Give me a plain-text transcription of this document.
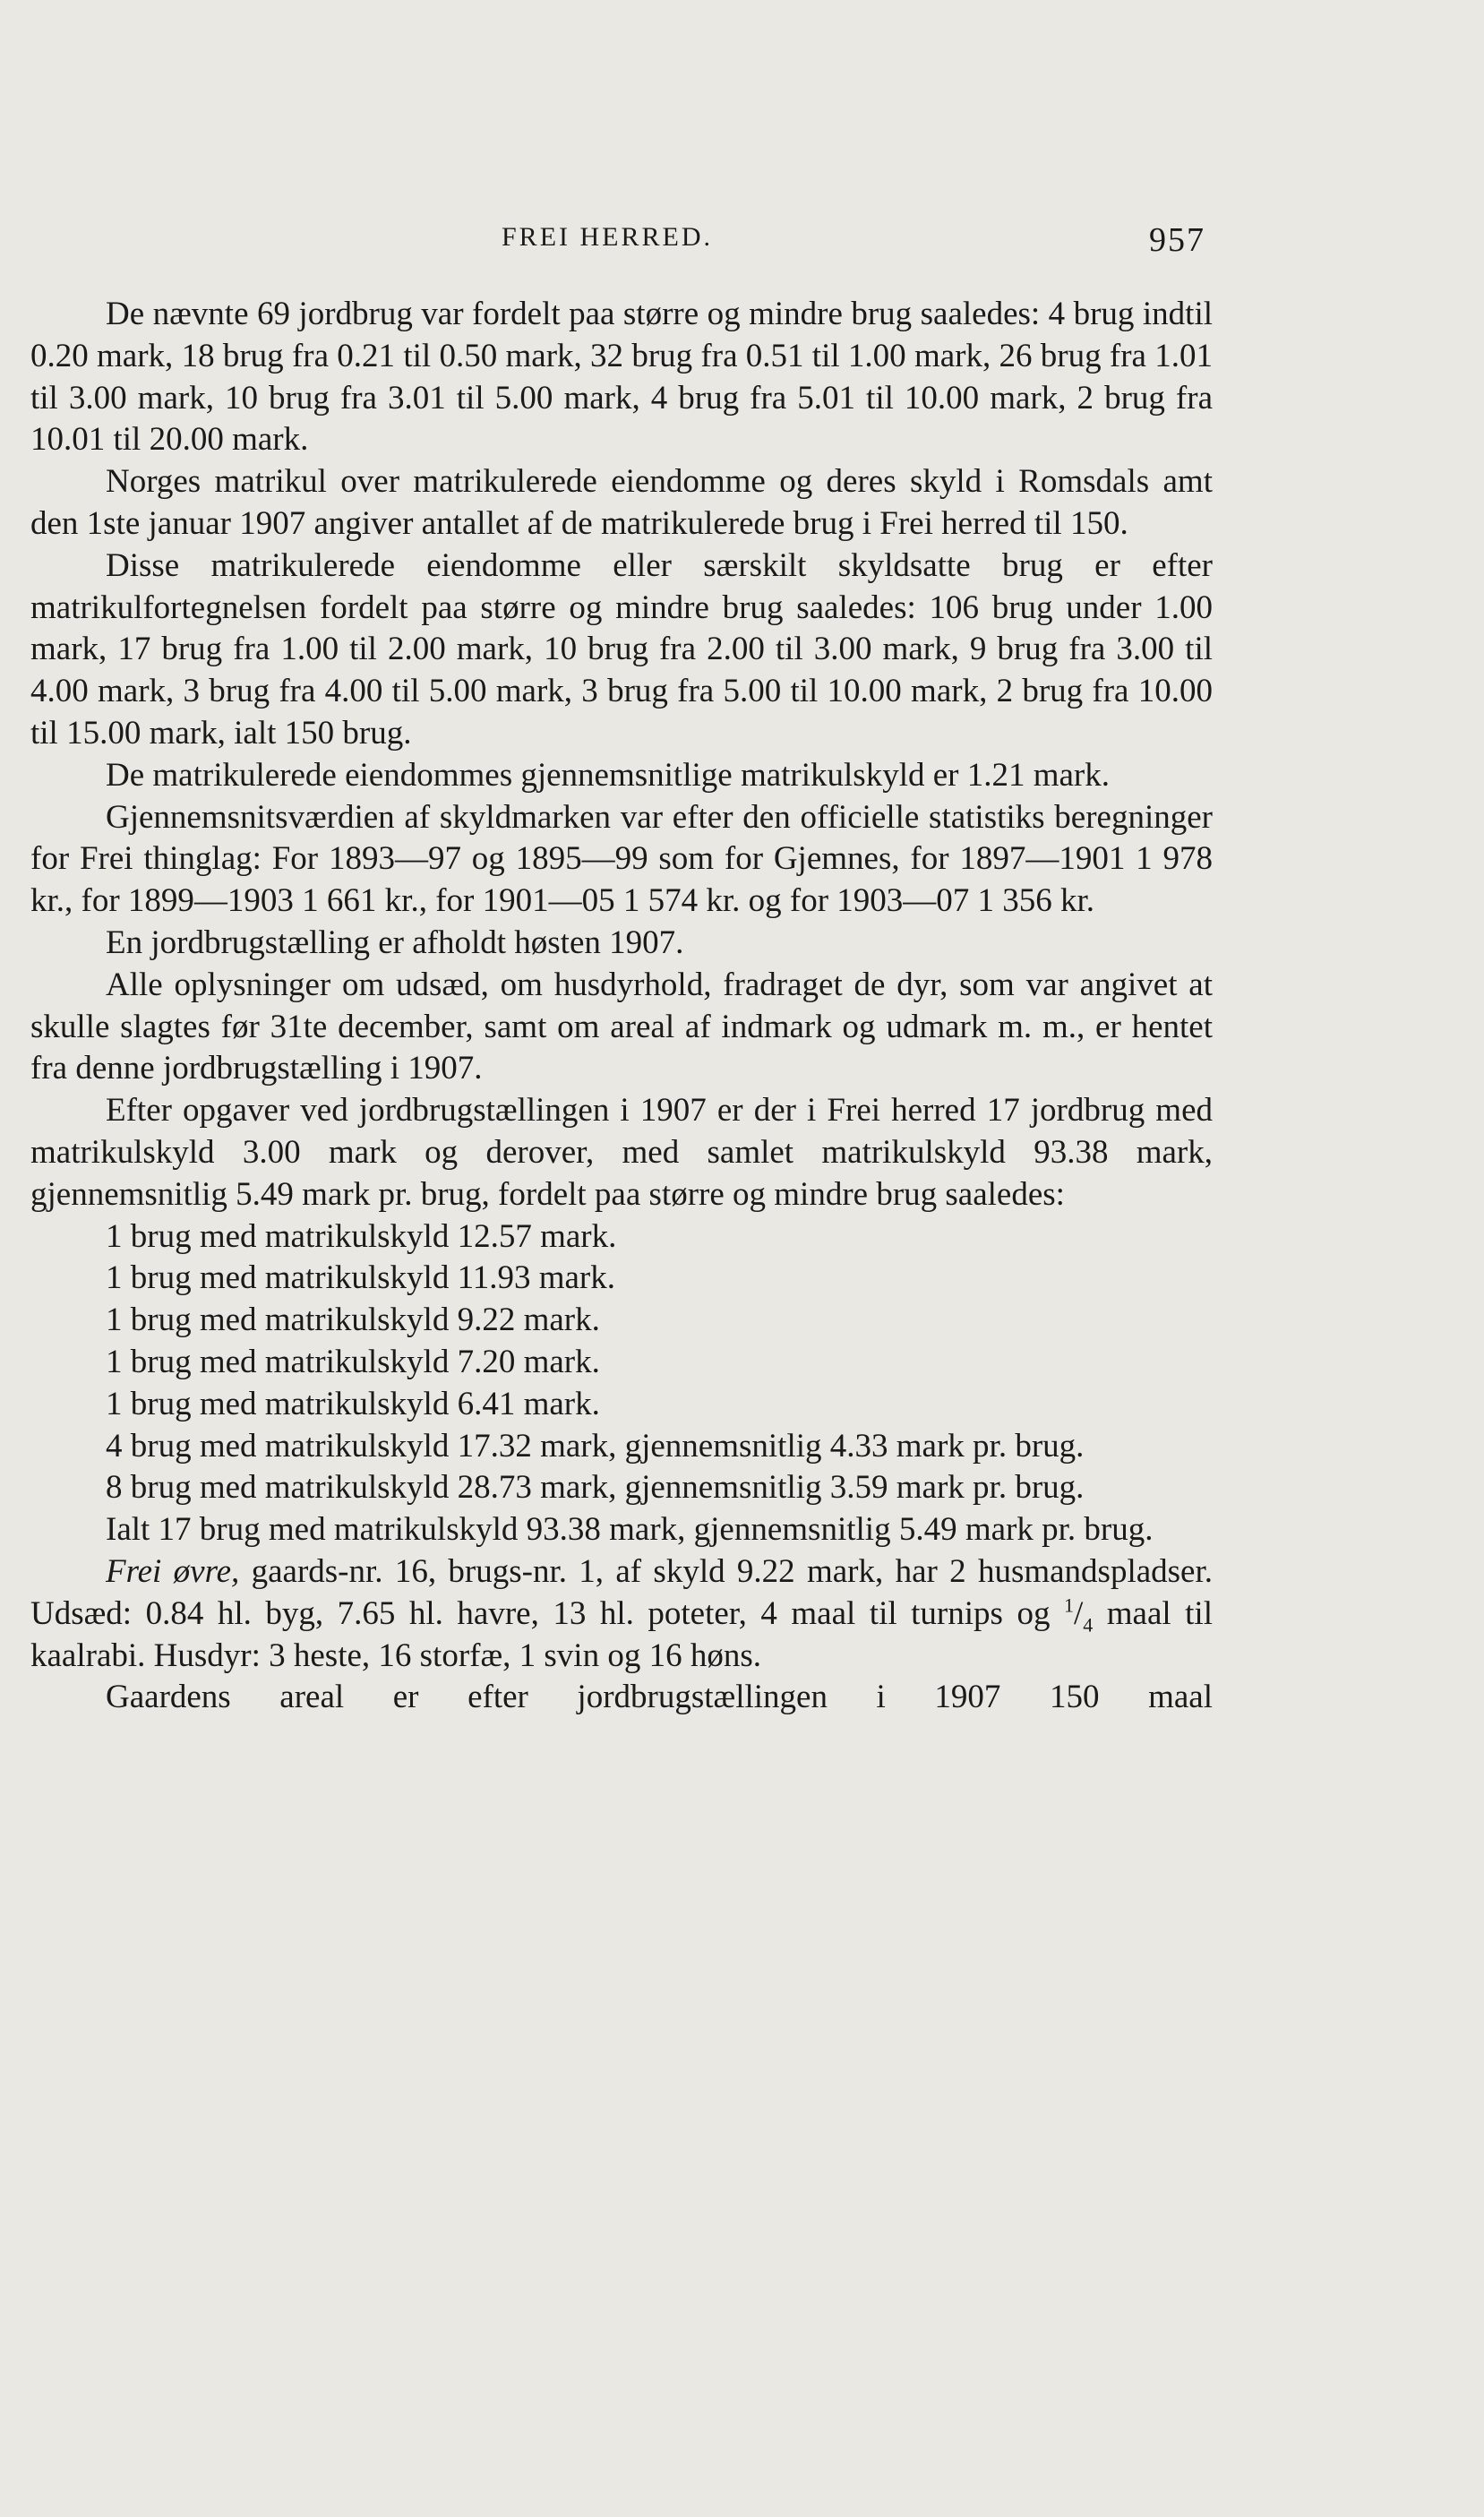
FREI HERRED.	957

De nævnte 69 jordbrug var fordelt paa større og mindre brug saaledes: 4 brug indtil 0.20 mark, 18 brug fra 0.21 til 0.50 mark, 32 brug fra 0.51 til 1.00 mark, 26 brug fra 1.01 til 3.00 mark, 10 brug fra 3.01 til 5.00 mark, 4 brug fra 5.01 til 10.00 mark, 2 brug fra 10.01 til 20.00 mark.

Norges matrikul over matrikulerede eiendomme og deres skyld i Romsdals amt den 1ste januar 1907 angiver antallet af de matrikulerede brug i Frei herred til 150.

Disse matrikulerede eiendomme eller særskilt skyldsatte brug er efter matrikulfortegnelsen fordelt paa større og mindre brug saaledes: 106 brug under 1.00 mark, 17 brug fra 1.00 til 2.00 mark, 10 brug fra 2.00 til 3.00 mark, 9 brug fra 3.00 til 4.00 mark, 3 brug fra 4.00 til 5.00 mark, 3 brug fra 5.00 til 10.00 mark, 2 brug fra 10.00 til 15.00 mark, ialt 150 brug.

De matrikulerede eiendommes gjennemsnitlige matrikulskyld er 1.21 mark.

Gjennemsnitsværdien af skyldmarken var efter den officielle statistiks beregninger for Frei thinglag: For 1893—97 og 1895—99 som for Gjemnes, for 1897—1901 1 978 kr., for 1899—1903 1 661 kr., for 1901—05 1 574 kr. og for 1903—07 1 356 kr.

En jordbrugstælling er afholdt høsten 1907.

Alle oplysninger om udsæd, om husdyrhold, fradraget de dyr, som var angivet at skulle slagtes før 31te december, samt om areal af indmark og udmark m. m., er hentet fra denne jordbrugstælling i 1907.

Efter opgaver ved jordbrugstællingen i 1907 er der i Frei herred 17 jordbrug med matrikulskyld 3.00 mark og derover, med samlet matrikulskyld 93.38 mark, gjennemsnitlig 5.49 mark pr. brug, fordelt paa større og mindre brug saaledes:

1 brug med matrikulskyld 12.57 mark.

1 brug med matrikulskyld 11.93 mark.

1 brug med matrikulskyld 9.22 mark.

1 brug med matrikulskyld 7.20 mark.

1 brug med matrikulskyld 6.41 mark.

4 brug med matrikulskyld 17.32 mark, gjennemsnitlig 4.33 mark pr. brug.

8 brug med matrikulskyld 28.73 mark, gjennemsnitlig 3.59 mark pr. brug.

Ialt 17 brug med matrikulskyld 93.38 mark, gjennemsnitlig 5.49 mark pr. brug.

Frei øvre, gaards-nr. 16, brugs-nr. 1, af skyld 9.22 mark, har 2 husmandspladser. Udsæd: 0.84 hl. byg, 7.65 hl. havre, 13 hl. poteter, 4 maal til turnips og $^1/_4$ maal til kaalrabi. Husdyr: 3 heste, 16 storfæ, 1 svin og 16 høns.

Gaardens areal er efter jordbrugstællingen i 1907 150 maal
